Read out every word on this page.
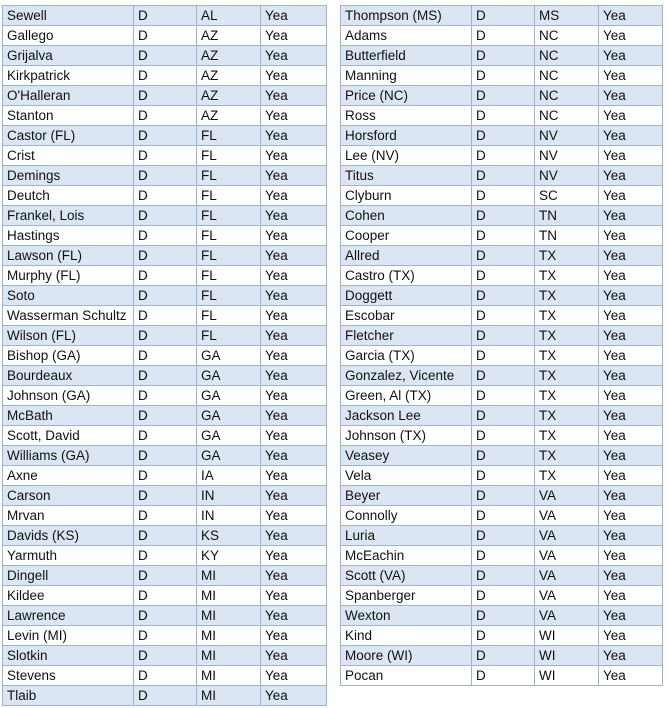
Sewell	D	AL	Yea
Gallego	D	AZ	Yea
Grijalva	D	AZ	Yea
Kirkpatrick	D	AZ	Yea
O'Halleran	D	AZ	Yea
Stanton	D	AZ	Yea
Castor (FL)	D	FL	Yea
Crist	D	FL	Yea
Demings	D	FL	Yea
Deutch	D	FL	Yea
Frankel, Lois	D	FL	Yea
Hastings	D	FL	Yea
Lawson (FL)	D	FL	Yea
Murphy (FL)	D	FL	Yea
Soto	D	FL	Yea
Wasserman Schultz	D	FL	Yea
Wilson (FL)	D	FL	Yea
Bishop (GA)	D	GA	Yea
Bourdeaux	D	GA	Yea
Johnson (GA)	D	GA	Yea
McBath	D	GA	Yea
Scott, David	D	GA	Yea
Williams (GA)	D	GA	Yea
Axne	D	IA	Yea
Carson	D	IN	Yea
Mrvan	D	IN	Yea
Davids (KS)	D	KS	Yea
Yarmuth	D	KY	Yea
Dingell	D	MI	Yea
Kildee	D	MI	Yea
Lawrence	D	MI	Yea
Levin (MI)	D	MI	Yea
Slotkin	D	MI	Yea
Stevens	D	MI	Yea
Tlaib	D	MI	Yea
Thompson (MS)	D	MS	Yea
Adams	D	NC	Yea
Butterfield	D	NC	Yea
Manning	D	NC	Yea
Price (NC)	D	NC	Yea
Ross	D	NC	Yea
Horsford	D	NV	Yea
Lee (NV)	D	NV	Yea
Titus	D	NV	Yea
Clyburn	D	SC	Yea
Cohen	D	TN	Yea
Cooper	D	TN	Yea
Allred	D	TX	Yea
Castro (TX)	D	TX	Yea
Doggett	D	TX	Yea
Escobar	D	TX	Yea
Fletcher	D	TX	Yea
Garcia (TX)	D	TX	Yea
Gonzalez, Vicente	D	TX	Yea
Green, Al (TX)	D	TX	Yea
Jackson Lee	D	TX	Yea
Johnson (TX)	D	TX	Yea
Veasey	D	TX	Yea
Vela	D	TX	Yea
Beyer	D	VA	Yea
Connolly	D	VA	Yea
Luria	D	VA	Yea
McEachin	D	VA	Yea
Scott (VA)	D	VA	Yea
Spanberger	D	VA	Yea
Wexton	D	VA	Yea
Kind	D	WI	Yea
Moore (WI)	D	WI	Yea
Pocan	D	WI	Yea
